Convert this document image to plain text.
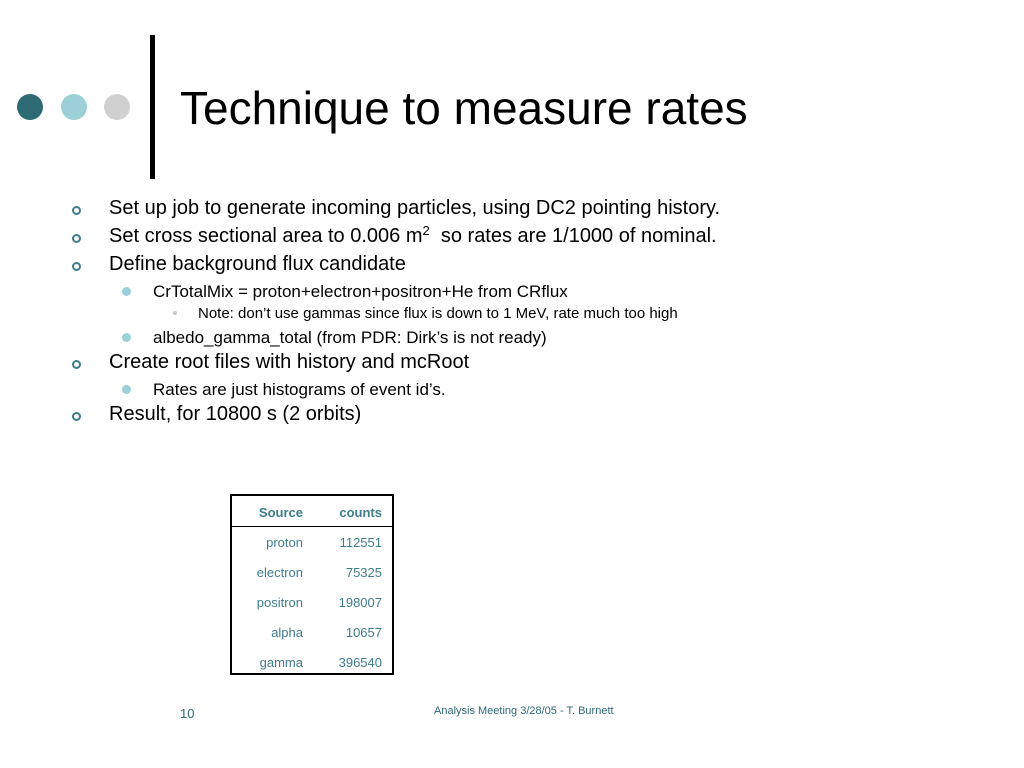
Technique to measure rates
Set up job to generate incoming particles, using DC2 pointing history.
Set cross sectional area to 0.006 $m^2$  so rates are 1/1000 of nominal.
Define background flux candidate
CrTotalMix = proton+electron+positron+He from CRflux
Note: don’t use gammas since flux is down to 1 MeV, rate much too high
albedo_gamma_total (from PDR: Dirk’s is not ready)
Create root files with history and mcRoot
Rates are just histograms of event id’s.
Result, for 10800 s (2 orbits)
Source	counts
proton	112551
electron	75325
positron	198007
alpha	10657
gamma	396540
10	Analysis Meeting 3/28/05 - T. Burnett
